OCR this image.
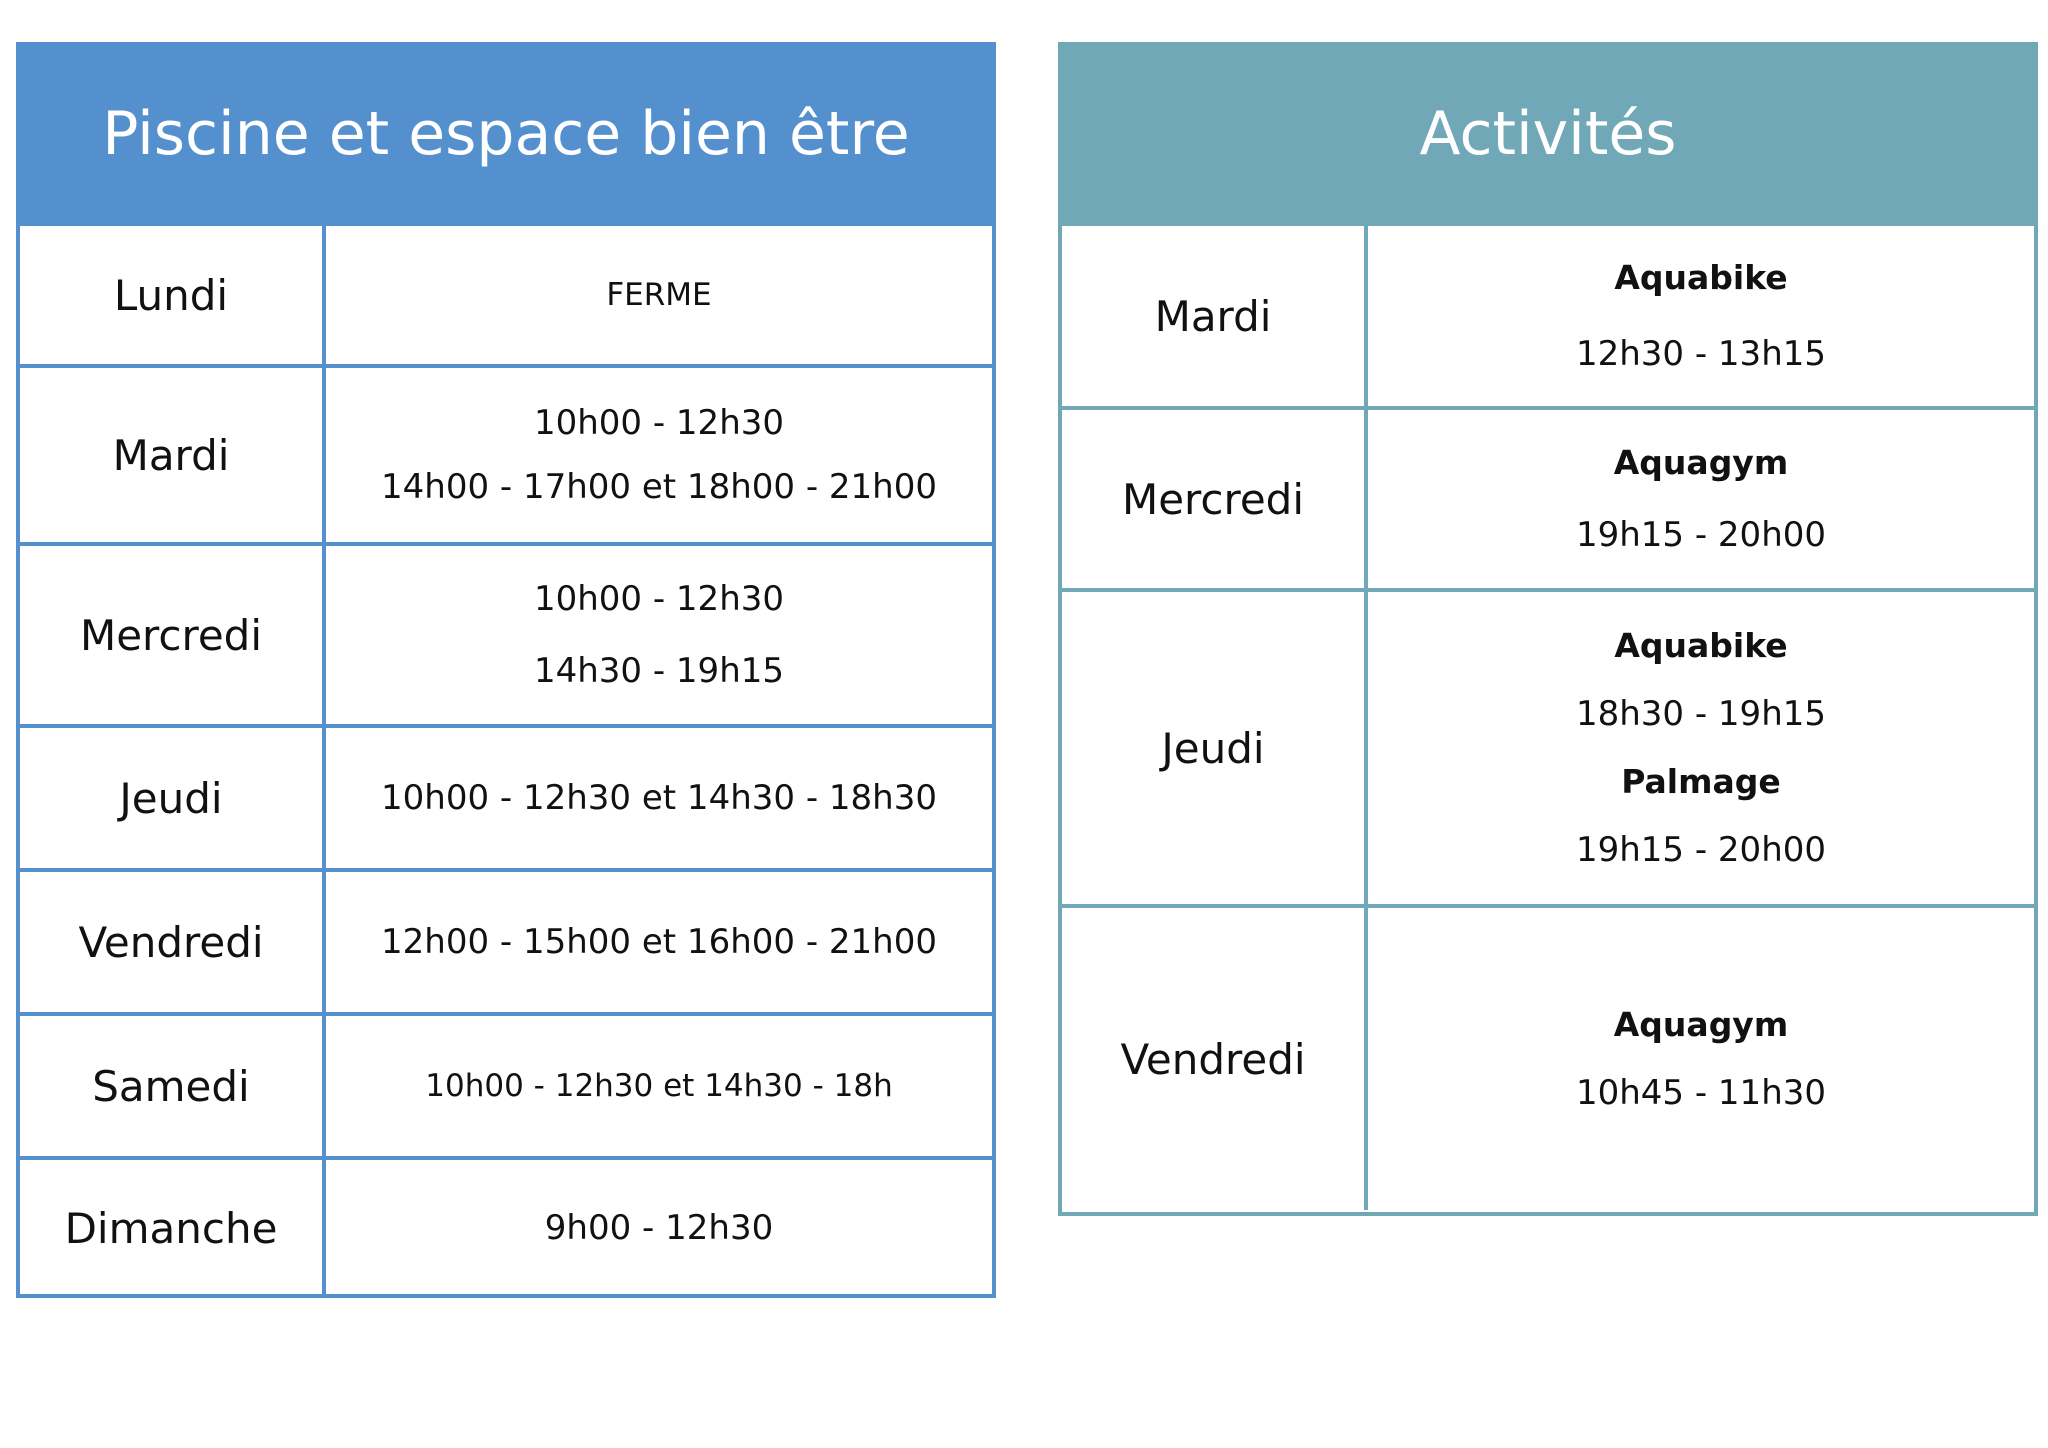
Piscine et espace bien être
Lundi	FERME

Mardi	10h00 - 12h30
14h00 - 17h00 et 18h00 - 21h00

Mercredi	10h00 - 12h30
14h30 - 19h15

Jeudi	10h00 - 12h30 et 14h30 - 18h30

Vendredi	12h00 - 15h00 et 16h00 - 21h00

Samedi	10h00 - 12h30 et 14h30 - 18h

Dimanche	9h00 - 12h30
Activités
Mardi	Aquabike
12h30 - 13h15

Mercredi	Aquagym
19h15 - 20h00

Jeudi	Aquabike
18h30 - 19h15
Palmage
19h15 - 20h00

Vendredi	Aquagym
10h45 - 11h30
